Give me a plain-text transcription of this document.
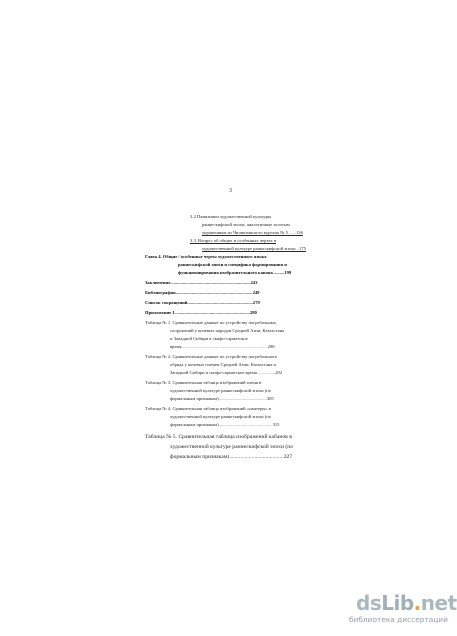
3
3.2.Памятники художественной культуры
раннескифской эпохи, аналогичные золотым
украшениям из Чиликтинского кургана № 5 ......136
3.3. Вопрос об общих и особенных чертах в
художественной культуре раннескифской эпохи ..175
Глава 4. Общие / особенные черты художественного языка
раннескифской эпохи и специфика формирования и
функционирования изобразительного канона .........199
Заключение......................................................................243
Библиография...................................................................249
Список сокращений.........................................................279
Приложение I .................................................................280
Таблица № 1. Сравнительные данные по устройству погребальных
сооружений у кочевых народов Средней Азии, Казахстана
и Западной Сибири в скифо-сарматское
время...........................................................................280
Таблица № 2. Сравнительные данные по устройству погребального
обряда у кочевых племен Средней Азии, Казахстана и
Западной Сибири в скифо-сарматское время ...............292
Таблица № 3. Сравнительная таблица изображений оленя в
художественной культуре раннескифской эпохи (по
формальным признакам)..........................................305
Таблица № 4. Сравнительная таблица изображений «пантеры» в
художественной культуре раннескифской эпохи (по
формальным признакам)...............................................315
Таблица № 5. Сравнительная таблица изображений кабанов в
художественной культуре раннескифской эпохи (по
формальным признакам).......................................327
dsLib.net
библиотека диссертаций
